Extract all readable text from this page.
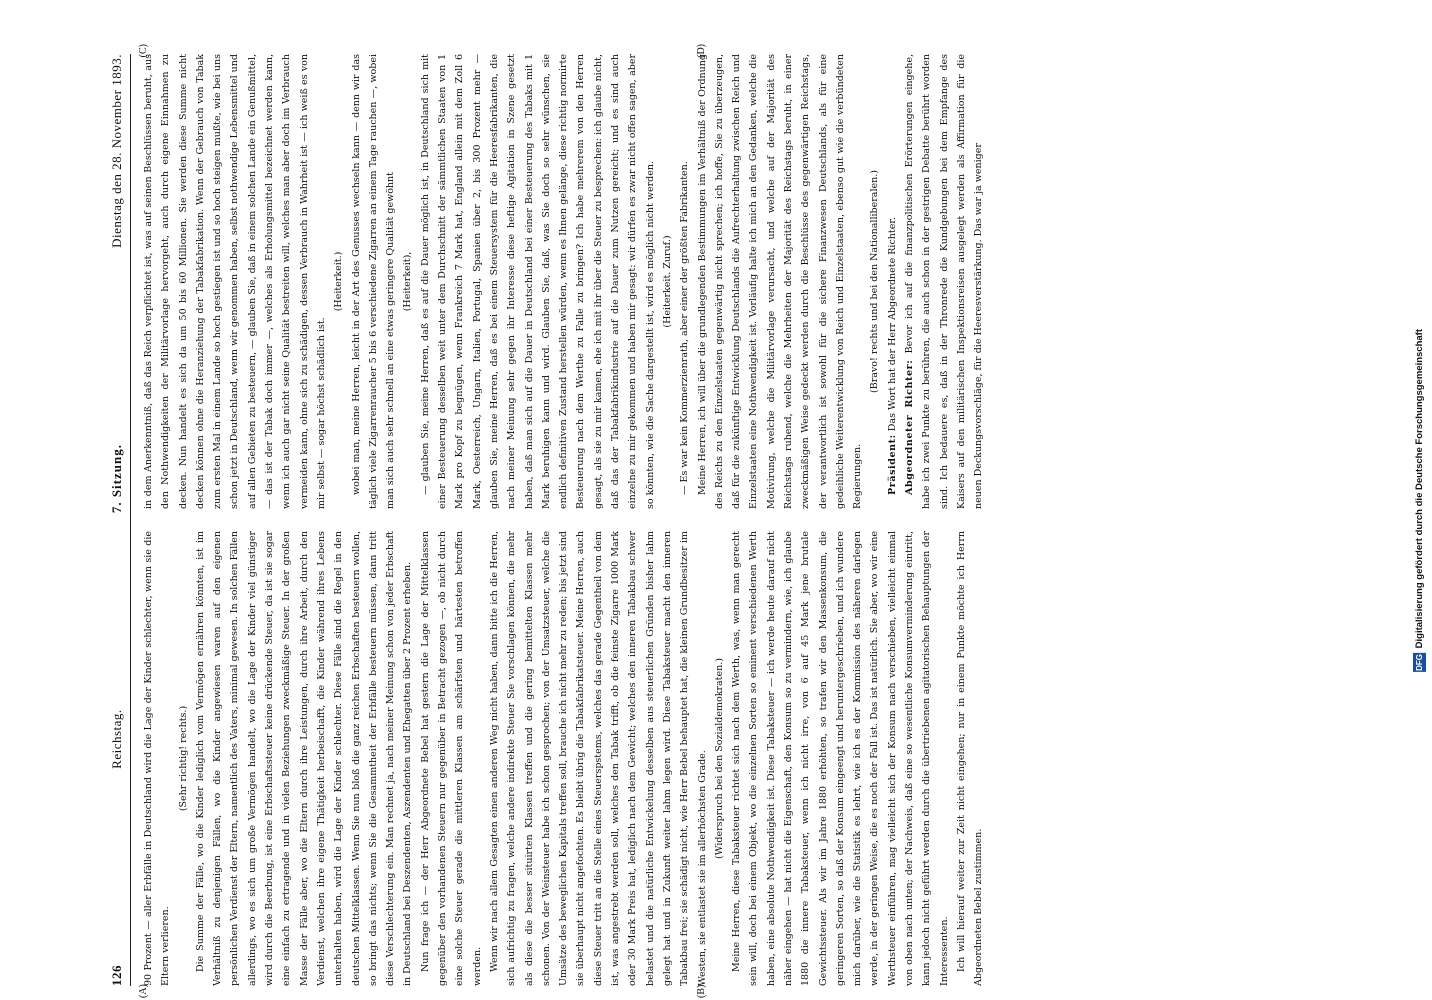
126
Reichstag.
7. Sitzung.
Dienstag den 28. November 1893.

90 Prozent — aller Erbfälle in Deutschland wird die Lage der Kinder schlechter, wenn sie die Eltern verlieren.

(Sehr richtig! rechts.) Die Summe der Fälle, wo die Kinder lediglich vom Vermögen ernähren könnten, ist im Verhältniß zu denjenigen Fällen, wo die Kinder angewiesen waren auf den eigenen persönlichen Verdienst der Eltern, namentlich des Vaters, minimal gewesen. In solchen Fällen allerdings, wo es sich um große Vermögen handelt, wo die Lage der Kinder viel günstiger wird durch die Beerbung, ist eine Erbschaftssteuer keine drückende Steuer, da ist sie sogar eine einfach zu ertragende und in vielen Beziehungen zweckmäßige Steuer. In der großen Masse der Fälle aber, wo die Eltern durch ihre Leistungen, durch ihre Arbeit, durch den Verdienst, welchen ihre eigene Thätigkeit herbeischafft, die Kinder während ihres Lebens unterhalten haben, wird die Lage der Kinder schlechter. Diese Fälle sind die Regel in den deutschen Mittelklassen. Wenn Sie nun bloß die ganz reichen Erbschaften besteuern wollen, so bringt das nichts; wenn Sie die Gesammtheit der Erbfälle besteuern müssen, dann tritt diese Verschlechterung ein. Man rechnet ja, nach meiner Meinung schon von jeder Erbschaft in Deutschland bei Deszendenten, Aszendenten und Ehegatten über 2 Prozent erheben. Nun frage ich — der Herr Abgeordnete Bebel hat gestern die Lage der Mittelklassen gegenüber den vorhandenen Steuern nur gegenüber in Betracht gezogen —, ob nicht durch eine solche Steuer gerade die mittleren Klassen am schärfsten und härtesten betroffen werden. Wenn wir nach allem Gesagten einen anderen Weg nicht haben, dann bitte ich die Herren, sich aufrichtig zu fragen, welche andere indirekte Steuer Sie vorschlagen können, die mehr als diese die besser situirten Klassen treffen und die gering bemittelten Klassen mehr schonen. Von der Weinsteuer habe ich schon gesprochen; von der Umsatzsteuer, welche die Umsätze des beweglichen Kapitals treffen soll, brauche ich nicht mehr zu reden; bis jetzt sind sie überhaupt nicht angefochten. Es bleibt übrig die Tabakfabrikatsteuer. Meine Herren, auch diese Steuer tritt an die Stelle eines Steuerspstems, welches das gerade Gegentheil von dem ist, was angestrebt werden soll, welches den Tabak trifft, ob die feinste Zigarre 1000 Mark oder 30 Mark Preis hat, lediglich nach dem Gewicht; welches den inneren Tabakbau schwer belastet und die natürliche Entwickelung desselben aus steuerlichen Gründen bisher lahm gelegt hat und in Zukunft weiter lahm legen wird. Diese Tabaksteuer macht den inneren Tabakbau frei; sie schädigt nicht, wie Herr Bebel behauptet hat, die kleinen Grundbesitzer im Westen, sie entlastet sie im allerhöchsten Grade. (Widerspruch bei den Sozialdemokraten.) Meine Herren, diese Tabaksteuer richtet sich nach dem Werth, was, wenn man gerecht sein will, doch bei einem Objekt, wo die einzelnen Sorten so eminent verschiedenen Werth haben, eine absolute Nothwendigkeit ist. Diese Tabaksteuer — ich werde heute darauf nicht näher eingehen — hat nicht die Eigenschaft, den Konsum so zu vermindern, wie, ich glaube 1880 die innere Tabaksteuer, wenn ich nicht irre, von 6 auf 45 Mark jene brutale Gewichtssteuer. Als wir im Jahre 1880 erhöhten, so trafen wir den Massenkonsum, die geringeren Sorten, so daß der Konsum eingeengt und heruntergeschrieben, und ich wundere mich darüber, wie die Statistik es lehrt, wie ich es der Kommission des näheren darlegen werde, in der geringen Weise, die es noch der Fall ist. Das ist natürlich. Sie aber, wo wir eine Werthsteuer einführen, mag vielleicht sich der Konsum nach verschieben, vielleicht einmal von oben nach unten; der Nachweis, daß eine so wesentliche Konsumverminderung eintritt, kann jedoch nicht geführt werden durch die übertriebenen agitatorischen Behauptungen der Interessenten. Ich will hierauf weiter zur Zeit nicht eingehen; nur in einem Punkte möchte ich Herrn Abgeordneten Bebel zustimmen.

in dem Anerkenntniß, daß das Reich verpflichtet ist, was auf seinen Beschlüssen beruht, aus den Nothwendigkeiten der Militärvorlage hervorgeht, auch durch eigene Einnahmen zu decken. Nun handelt es sich da um 50 bis 60 Millionen. Sie werden diese Summe nicht decken können ohne die Heranziehung der Tabakfabrikation. Wenn der Gebrauch von Tabak zum ersten Mal in einem Lande so hoch gestiegen ist und so hoch steigen mußte, wie bei uns schon jetzt in Deutschland, wenn wir genommen haben, selbst nothwendige Lebensmittel und auf allen Gebieten zu besteuern, — glauben Sie, daß in einem solchen Lande ein Genußmittel, — das ist der Tabak doch immer —, welches als Erholungsmittel bezeichnet werden kann, wenn ich auch gar nicht seine Qualität bestreiten will, welches man aber doch im Verbrauch vermeiden kann, ohne sich zu schädigen, dessen Verbrauch in Wahrheit ist — ich weiß es von mir selbst — sogar höchst schädlich ist.

(Heiterkeit.) wobei man, meine Herren, leicht in der Art des Genusses wechseln kann — denn wir das täglich viele Zigarrenraucher 5 bis 6 verschiedene Zigarren an einem Tage rauchen —, wobei man sich auch sehr schnell an eine etwas geringere Qualität gewöhnt (Heiterkeit), — glauben Sie, meine Herren, daß es auf die Dauer möglich ist, in Deutschland sich mit einer Besteuerung desselben weit unter dem Durchschnitt der sämmtlichen Staaten von 1 Mark pro Kopf zu begnügen, wenn Frankreich 7 Mark hat, England allein mit dem Zoll 6 Mark, Oesterreich, Ungarn, Italien, Portugal, Spanien über 2, bis 300 Prozent mehr — glauben Sie, meine Herren, daß es bei einem Steuersystem für die Heeresfabrikanten, die nach meiner Meinung sehr gegen ihr Interesse diese heftige Agitation in Szene gesetzt haben, daß man sich auf die Dauer in Deutschland bei einer Besteuerung des Tabaks mit 1 Mark beruhigen kann und wird. Glauben Sie, daß, was Sie doch so sehr wünschen, sie endlich definitiven Zustand herstellen würden, wenn es Ihnen gelänge, diese richtig normirte Besteuerung nach dem Werthe zu Falle zu bringen? Ich habe mehrerem von den Herren gesagt, als sie zu mir kamen, ehe ich mit ihr über die Steuer zu besprechen: ich glaube nicht, daß das der Tabakfabrikindustrie auf die Dauer zum Nutzen gereicht; und es sind auch einzelne zu mir gekommen und haben mir gesagt: wir dürfen es zwar nicht offen sagen, aber so könnten, wie die Sache dargestellt ist, wird es möglich nicht werden. (Heiterkeit. Zuruf.) — Es war kein Kommerzienrath, aber einer der größten Fabrikanten. Meine Herren, ich will über die grundlegenden Bestimmungen im Verhältniß der Ordnung des Reichs zu den Einzelstaaten gegenwärtig nicht sprechen; ich hoffe, Sie zu überzeugen, daß für die zukünftige Entwicklung Deutschlands die Aufrechterhaltung zwischen Reich und Einzelstaaten eine Nothwendigkeit ist. Vorläufig halte ich mich an den Gedanken, welche die Motivirung, welche die Militärvorlage verursacht, und welche auf der Majorität des Reichstags ruhend, welche die Mehrheiten der Majorität des Reichstags beruht, in einer zweckmäßigen Weise gedeckt werden durch die Beschlüsse des gegenwärtigen Reichstags, der verantwortlich ist sowohl für die sichere Finanzwesen Deutschlands, als für eine gedeihliche Weiterentwicklung von Reich und Einzelstaaten, ebenso gut wie die verbündeten Regierungen.

(Bravo! rechts und bei den Nationalliberalen.)

Präsident: Das Wort hat der Herr Abgeordnete Richter. Abgeordneter Richter: Bevor ich auf die finanzpolitischen Erörterungen eingehe, habe ich zwei Punkte zu berühren, die auch schon in der gestrigen Debatte berührt worden sind. Ich bedauere es, daß in der Thronrede die Kundgebungen bei dem Empfange des Kaisers auf den militärischen Inspektionsreisen ausgelegt werden als Affirmation für die neuen Deckungsvorschläge, für die Heeresverstärkung. Das war ja weniger

(A)	(B)
(C)	(D)
DFG Digitalisierung gefördert durch die Deutsche Forschungsgemeinschaft
